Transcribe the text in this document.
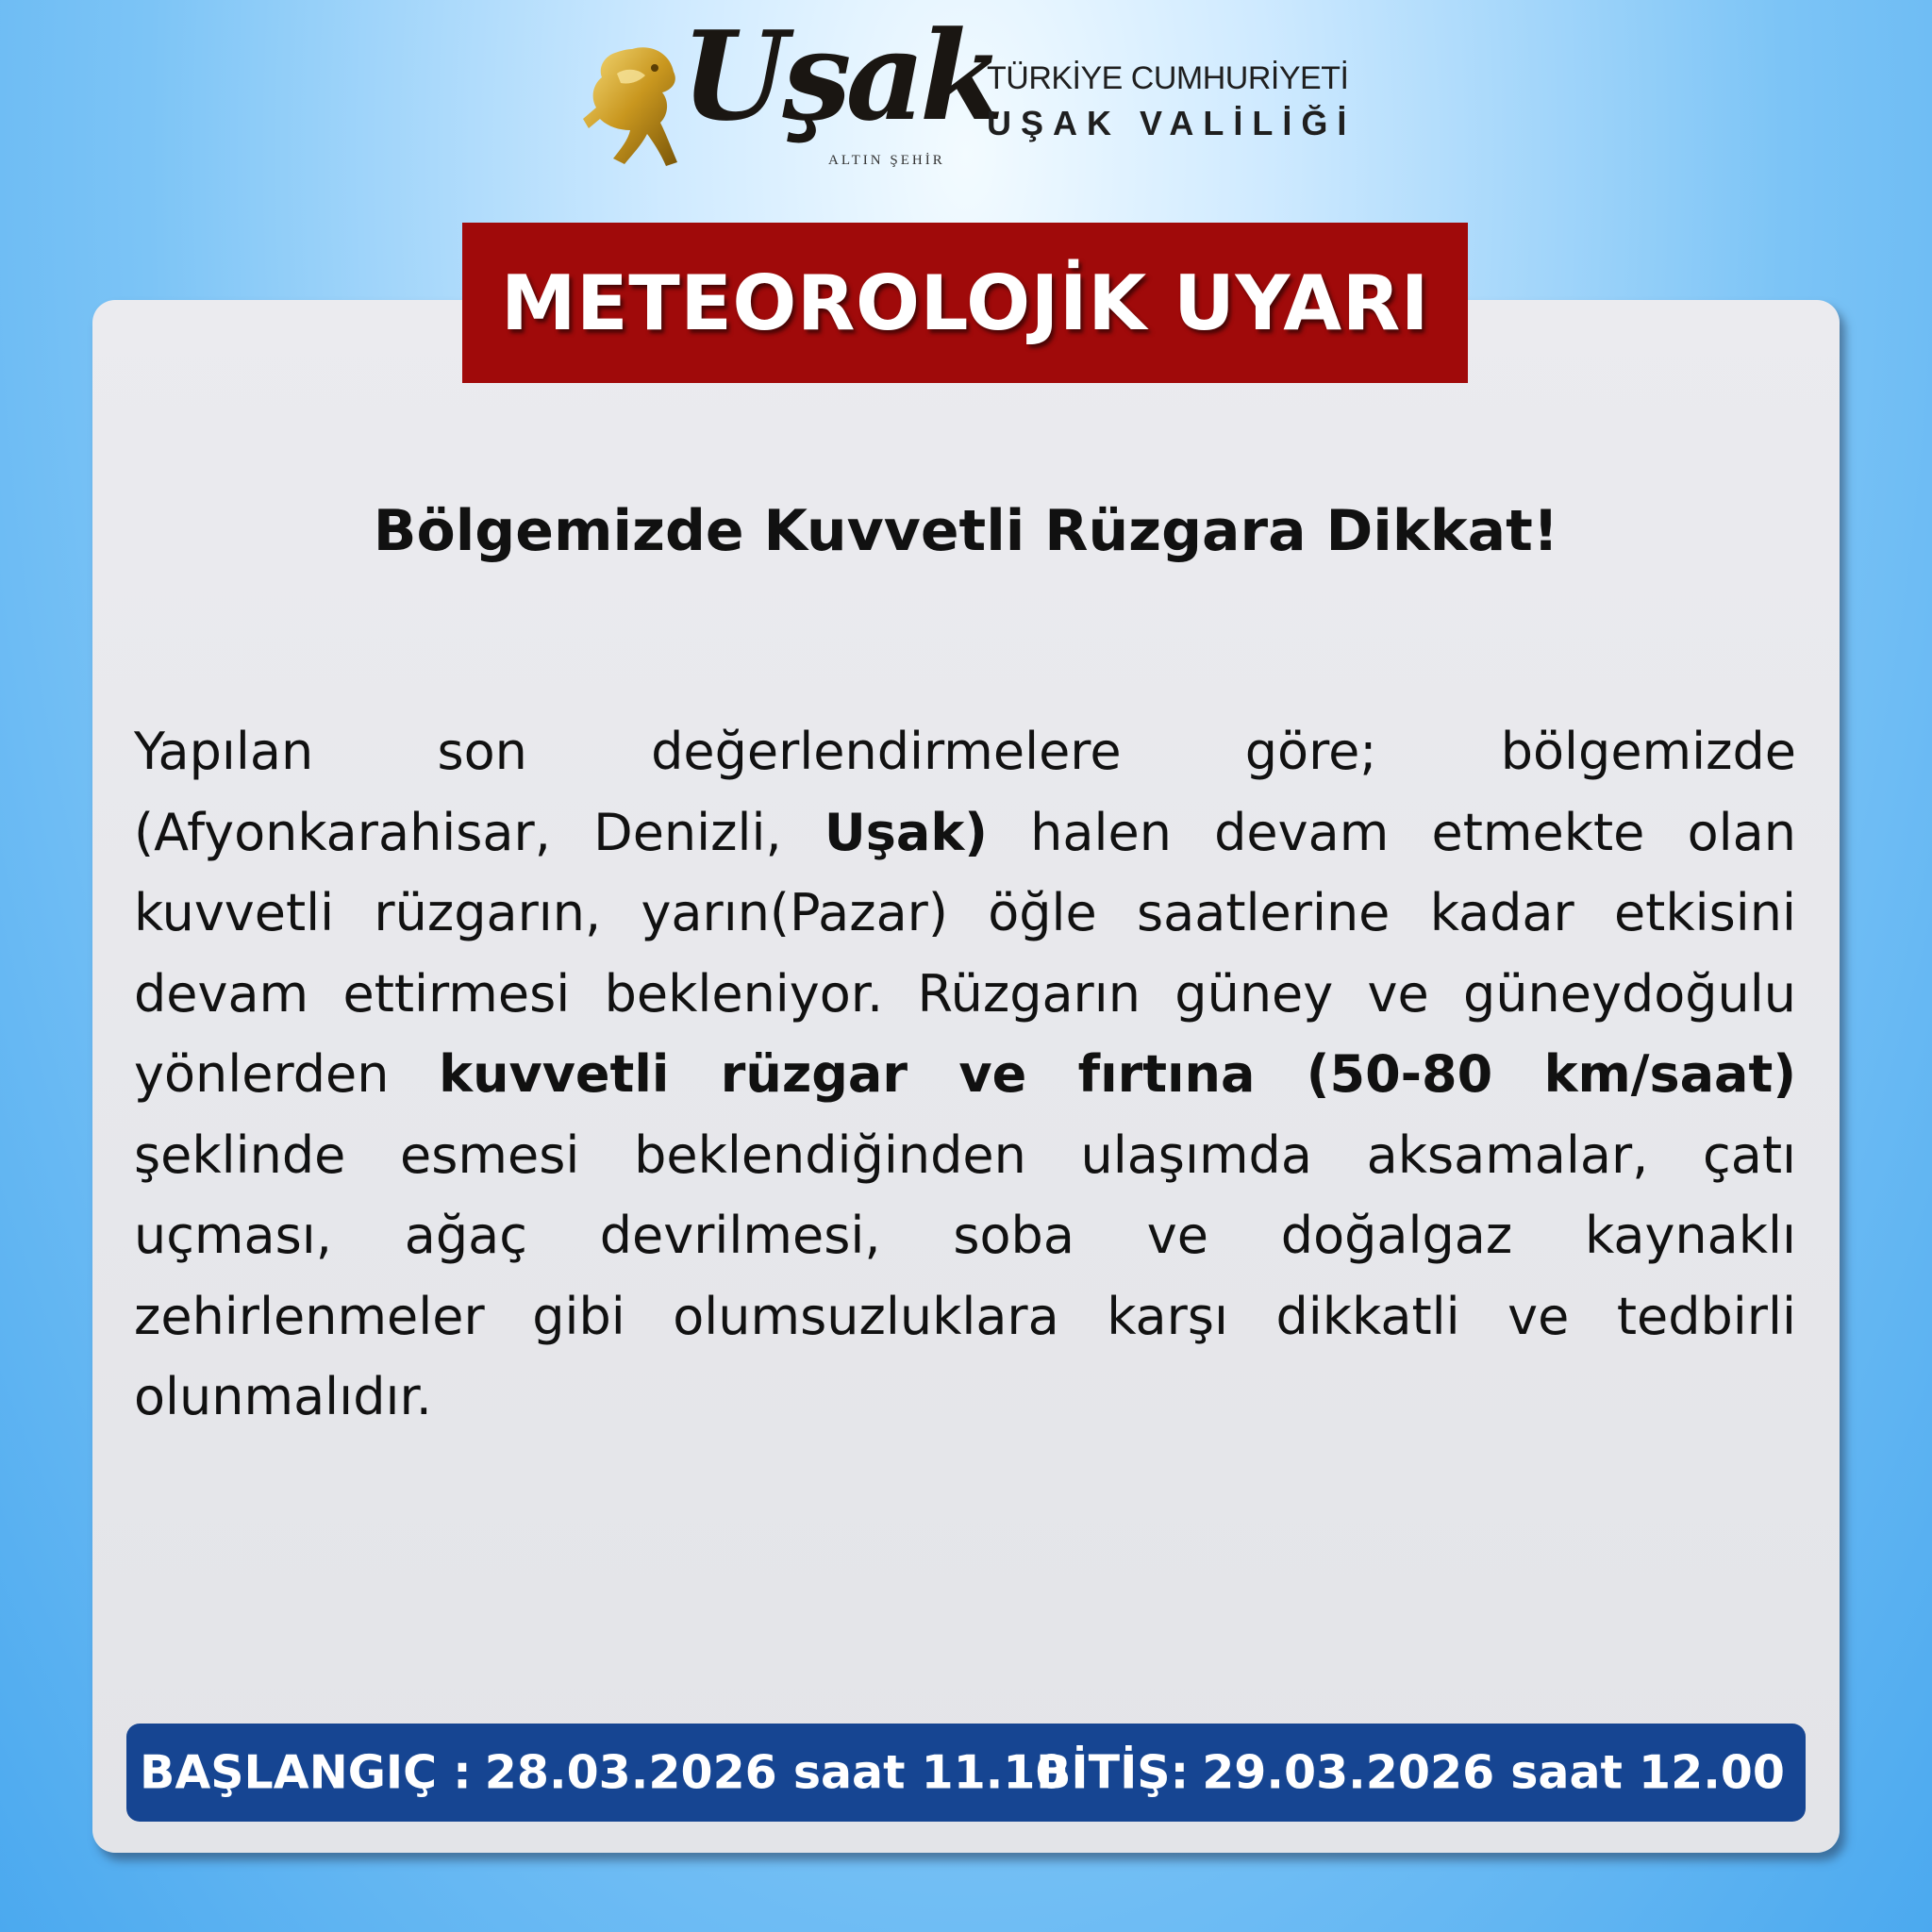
Uşak
ALTIN ŞEHİR
TÜRKİYE CUMHURİYETİ
UŞAK VALİLİĞİ
METEOROLOJİK UYARI
Bölgemizde Kuvvetli Rüzgara Dikkat!

Yapılan son değerlendirmelere göre; bölgemizde (Afyonkarahisar, Denizli, Uşak) halen devam etmekte olan kuvvetli rüzgarın, yarın(Pazar) öğle saatlerine kadar etkisini devam ettirmesi bekleniyor. Rüzgarın güney ve güneydoğulu yönlerden kuvvetli rüzgar ve fırtına (50-80 km/saat) şeklinde esmesi beklendiğinden ulaşımda aksamalar, çatı uçması, ağaç devrilmesi, soba ve doğalgaz kaynaklı zehirlenmeler gibi olumsuzluklara karşı dikkatli ve tedbirli olunmalıdır.

BAŞLANGIÇ : 28.03.2026 saat 11.10
BİTİŞ: 29.03.2026 saat 12.00
